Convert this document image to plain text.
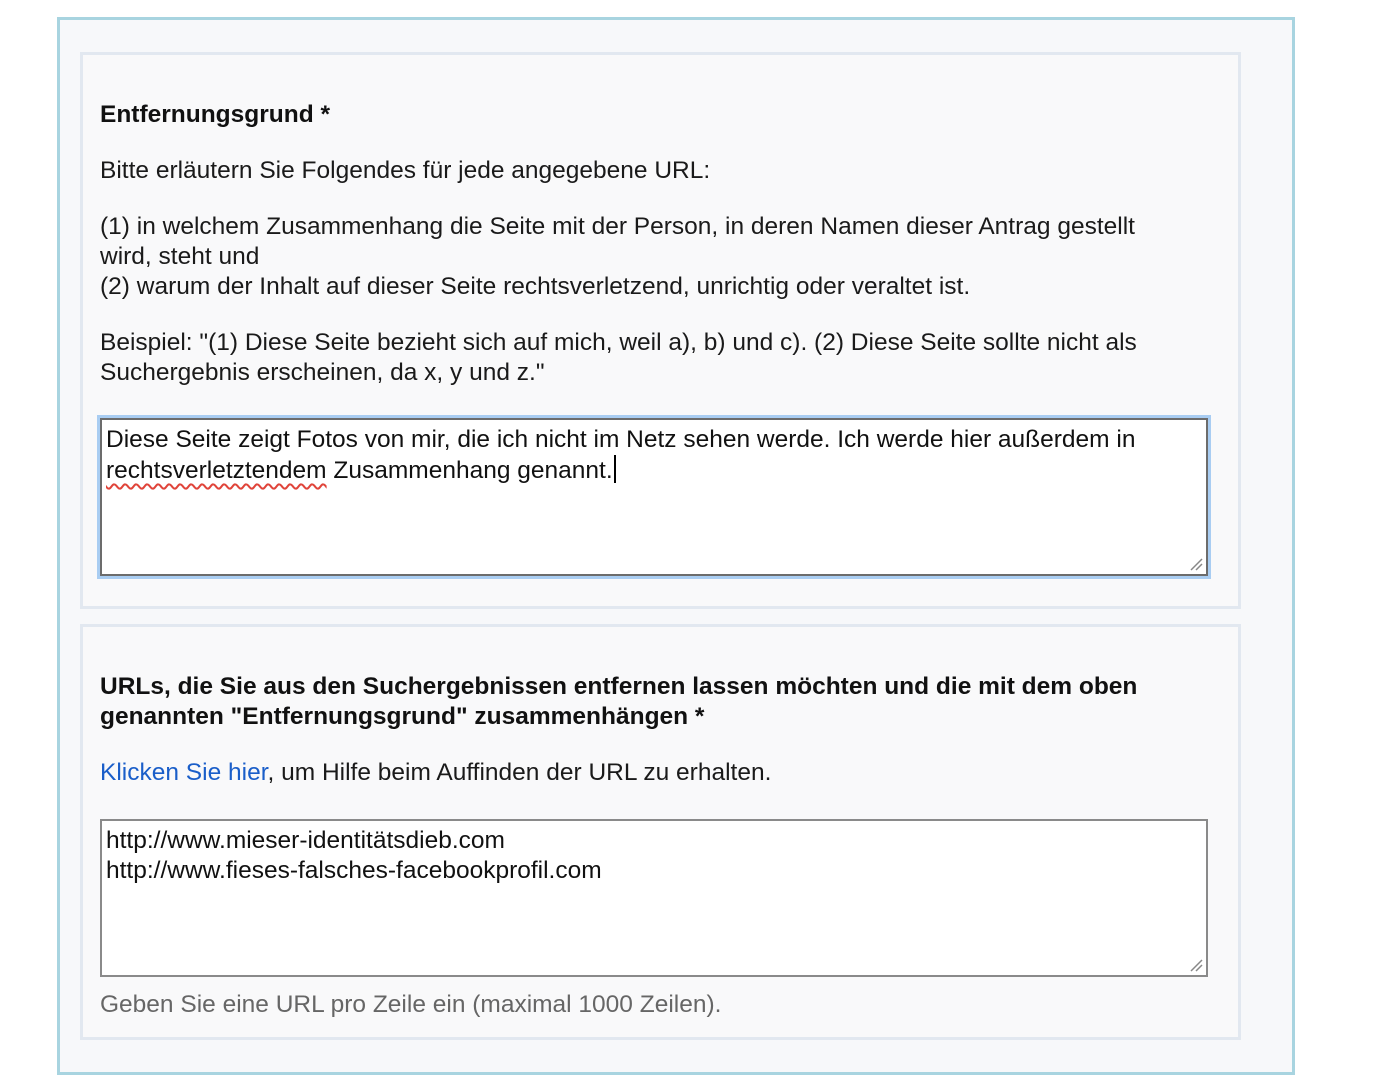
Entfernungsgrund *

Bitte erläutern Sie Folgendes für jede angegebene URL:

(1) in welchem Zusammenhang die Seite mit der Person, in deren Namen dieser Antrag gestellt
wird, steht und
(2) warum der Inhalt auf dieser Seite rechtsverletzend, unrichtig oder veraltet ist.

Beispiel: "(1) Diese Seite bezieht sich auf mich, weil a), b) und c). (2) Diese Seite sollte nicht als
Suchergebnis erscheinen, da x, y und z."

Diese Seite zeigt Fotos von mir, die ich nicht im Netz sehen werde. Ich werde hier außerdem in
rechtsverletztendem Zusammenhang genannt.
URLs, die Sie aus den Suchergebnissen entfernen lassen möchten und die mit dem oben
genannten "Entfernungsgrund" zusammenhängen *

Klicken Sie hier, um Hilfe beim Auffinden der URL zu erhalten.

http://www.mieser-identitätsdieb.com
http://www.fieses-falsches-facebookprofil.com

Geben Sie eine URL pro Zeile ein (maximal 1000 Zeilen).
